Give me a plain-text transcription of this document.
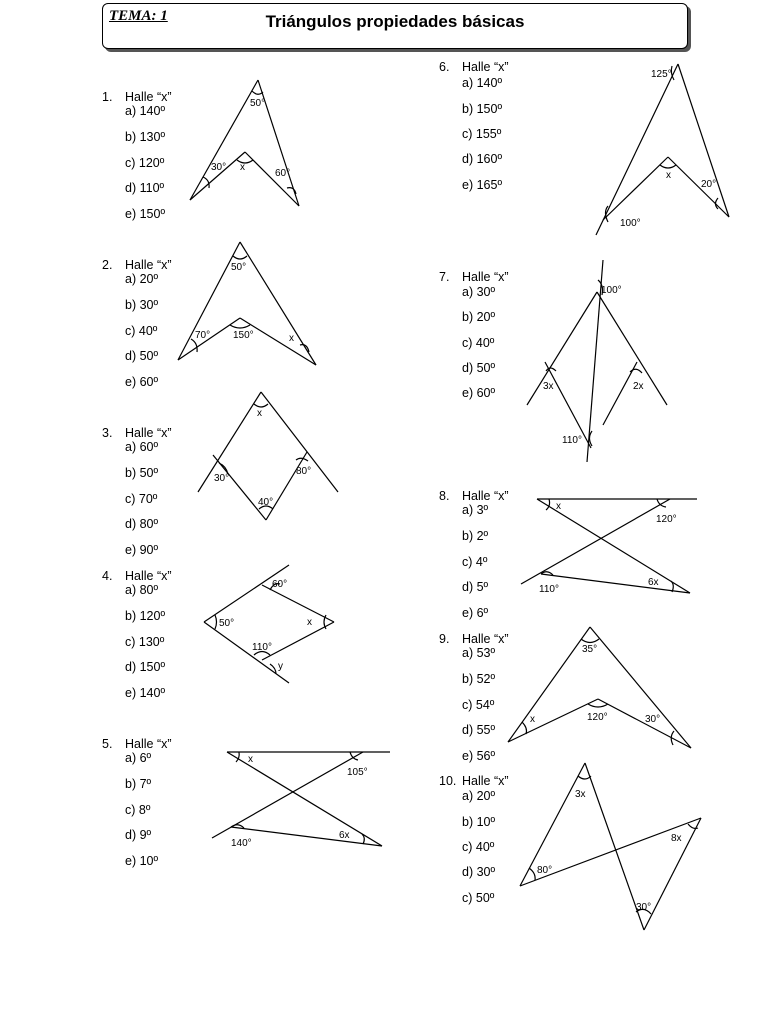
TEMA: 1	Triángulos propiedades básicas
1. Halle “x”
a) 140º
b) 130º
c) 120º
d) 110º
e) 150º
50°
30° x
60°
2. Halle “x”
a) 20º
b) 30º
c) 40º
d) 50º
e) 60º
50°
70° 150°	x
3. Halle “x”
a) 60º
b) 50º
c) 70º
d) 80º
e) 90º
x
30°
80°
40°
4. Halle “x”
a) 80º
b) 120º
c) 130º
d) 150º
e) 140º
60°
50°	x
110°
y
5. Halle “x”
a) 6º
b) 7º
c) 8º
d) 9º
e) 10º
x
105°
140°
6x
6. Halle “x”
a) 140º
b) 150º
c) 155º
d) 160º
e) 165º
125°
x
20°
100°
7. Halle “x”
a) 30º
b) 20º
c) 40º
d) 50º
e) 60º
100°
3x	2x
110°
8. Halle “x”
a) 3º
b) 2º
c) 4º
d) 5º
e) 6º
x
120°
110°
6x
9. Halle “x”
a) 53º
b) 52º
c) 54º
d) 55º
e) 56º
35°
x	120°	30°
10. Halle “x”
a) 20º
b) 10º
c) 40º
d) 30º
c) 50º
3x
8x
80°
30°
